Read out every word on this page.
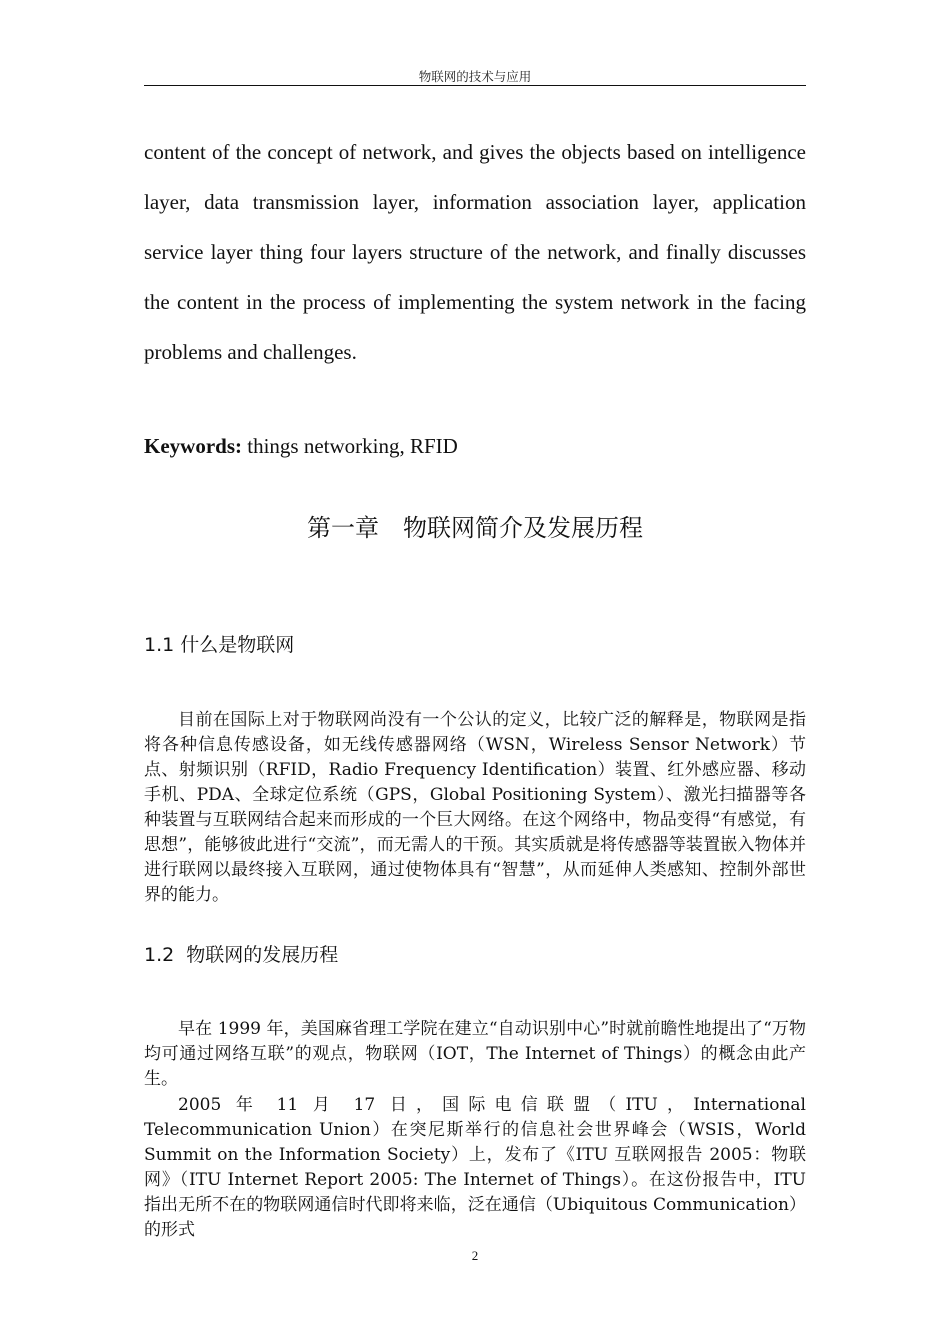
物联网的技术与应用

content of the concept of network, and gives the objects based on intelligence layer, data transmission layer, information association layer, application service layer thing four layers structure of the network, and finally discusses the content in the process of implementing the system network in the facing problems and challenges.

Keywords: things networking, RFID

第一章　物联网简介及发展历程
1.1 什么是物联网

目前在国际上对于物联网尚没有一个公认的定义，比较广泛的解释是，物联网是指将各种信息传感设备，如无线传感器网络（WSN，Wireless Sensor Network）节点、射频识别（RFID，Radio Frequency Identification）装置、红外感应器、移动手机、PDA、全球定位系统（GPS，Global Positioning System）、激光扫描器等各种装置与互联网结合起来而形成的一个巨大网络。在这个网络中，物品变得“有感觉，有思想”，能够彼此进行“交流”，而无需人的干预。其实质就是将传感器等装置嵌入物体并进行联网以最终接入互联网，通过使物体具有“智慧”，从而延伸人类感知、控制外部世界的能力。

1.2  物联网的发展历程

早在 1999 年，美国麻省理工学院在建立“自动识别中心”时就前瞻性地提出了“万物均可通过网络互联”的观点，物联网（IOT，The Internet of Things）的概念由此产生。

2005 年 11 月 17 日，国际电信联盟（ITU，International Telecommunication Union）在突尼斯举行的信息社会世界峰会（WSIS，World Summit on the Information Society）上，发布了《ITU 互联网报告 2005：物联网》（ITU Internet Report 2005: The Internet of Things）。在这份报告中，ITU 指出无所不在的物联网通信时代即将来临，泛在通信（Ubiquitous Communication）的形式

2
